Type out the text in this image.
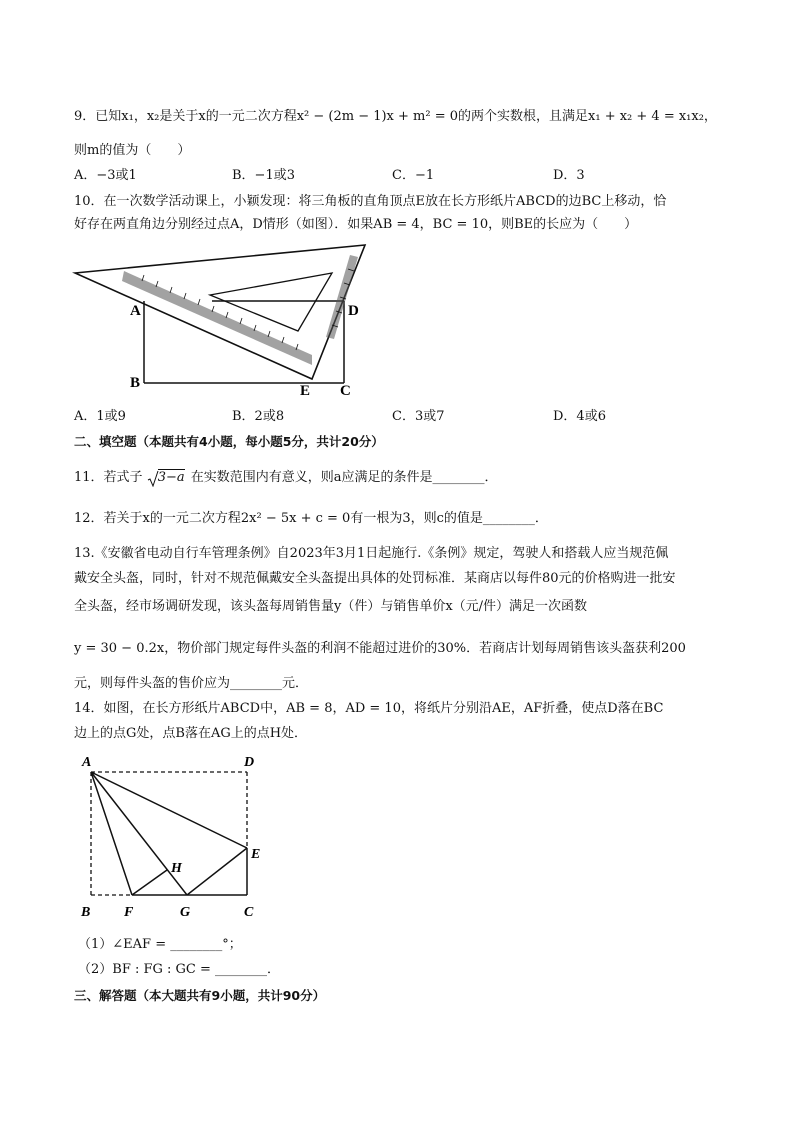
9．已知x₁，x₂是关于x的一元二次方程x² − (2m − 1)x + m² = 0的两个实数根，且满足x₁ + x₂ + 4 = x₁x₂，
则m的值为（　　）
A．−3或1	B．−1或3	C．−1	D．3
10．在一次数学活动课上，小颖发现：将三角板的直角顶点E放在长方形纸片ABCD的边BC上移动，恰
好存在两直角边分别经过点A，D情形（如图）．如果AB = 4，BC = 10，则BE的长应为（　　）
A
B	E C
D
A．1或9	B．2或8	C．3或7	D．4或6
二、填空题（本题共有4小题，每小题5分，共计20分）
11．若式子 3−a 在实数范围内有意义，则a应满足的条件是________．
12．若关于x的一元二次方程2x² − 5x + c = 0有一根为3，则c的值是________．
13.《安徽省电动自行车管理条例》自2023年3月1日起施行.《条例》规定，驾驶人和搭载人应当规范佩
戴安全头盔，同时，针对不规范佩戴安全头盔提出具体的处罚标准．某商店以每件80元的价格购进一批安
全头盔，经市场调研发现，该头盔每周销售量y（件）与销售单价x（元/件）满足一次函数
y = 30 − 0.2x，物价部门规定每件头盔的利润不能超过进价的30%．若商店计划每周销售该头盔获利200
元，则每件头盔的售价应为________元．
14．如图，在长方形纸片ABCD中，AB = 8，AD = 10，将纸片分别沿AE，AF折叠，使点D落在BC
边上的点G处，点B落在AG上的点H处．
A	D
E
H
B F	G	C
（1）∠EAF = ________°；
（2）BF : FG : GC = ________．
三、解答题（本大题共有9小题，共计90分）
